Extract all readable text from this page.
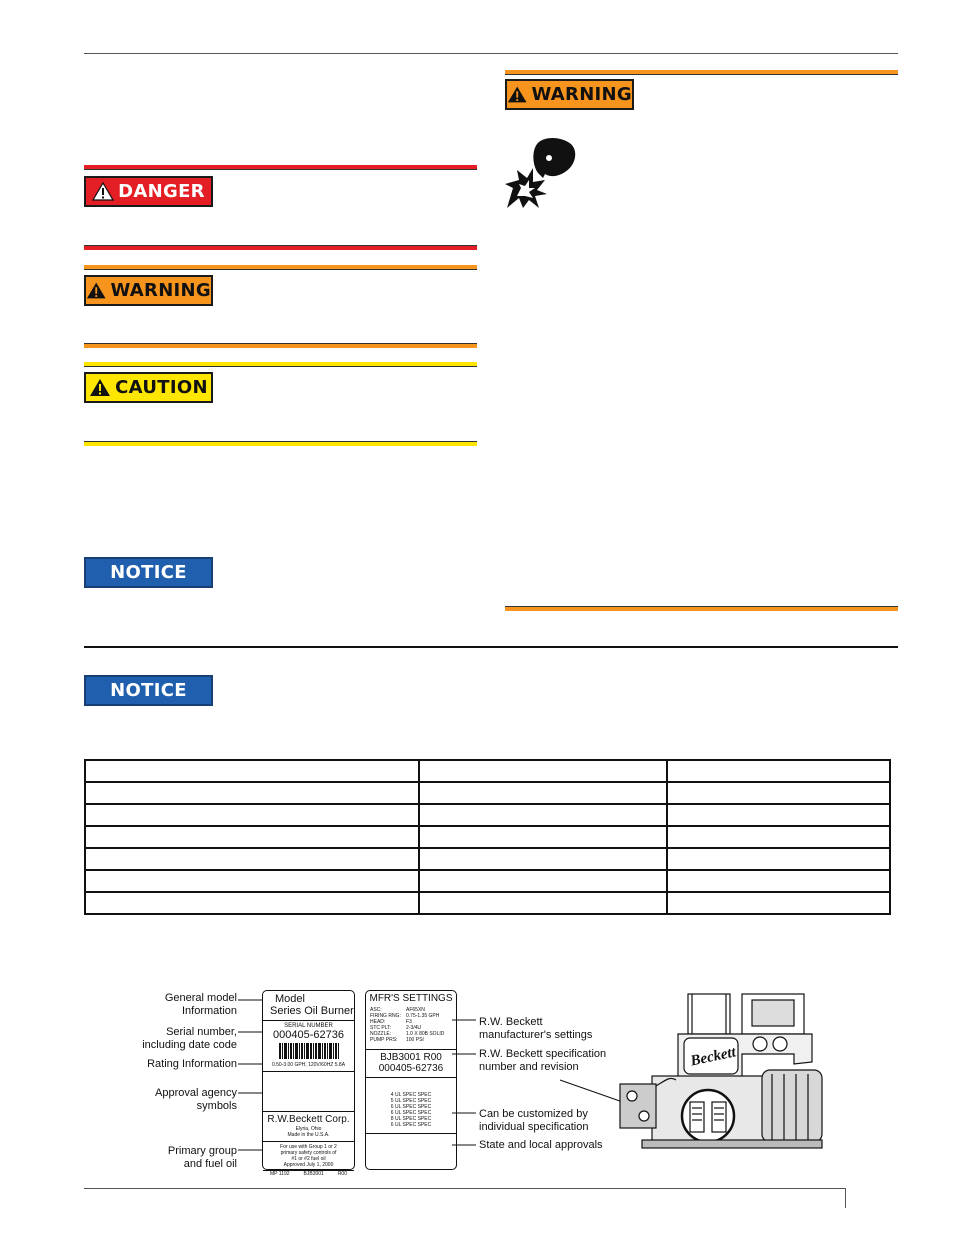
DANGER
WARNING
CAUTION
NOTICE
WARNING
NOTICE

General model
Information
Serial number,
including date code
Rating Information
Approval agency
symbols
Primary group
and fuel oil
Model
Series Oil Burner
SERIAL NUMBER
000405-62736
0.50-3.00 GPH, 120V/60HZ 5.8A
R.W.Beckett Corp.
Elyria, Ohio
Made in the U.S.A.
For use with Group 1 or 2
primary safety controls of
#1 or #2 fuel oil
Approved July 1, 2000
MP 1192	BJB3001	R00
MFR'S SETTINGS
ASC:	AF65XN
FIRING RNG:	0.75-1.35 GPH
HEAD:	F3
STC PLT:	2-3/4U
NOZZLE:	1.0 X 80B SOLID
PUMP PRS:	100 PSI
BJB3001 R00
000405-62736
4 UL SPEC SPEC
5 UL SPEC SPEC
6 UL SPEC SPEC
6 UL SPEC SPEC
8 UL SPEC SPEC
6 UL SPEC SPEC
R.W. Beckett
manufacturer's settings
R.W. Beckett specification
number and revision
Can be customized by
individual specification
State and local approvals
Beckett
